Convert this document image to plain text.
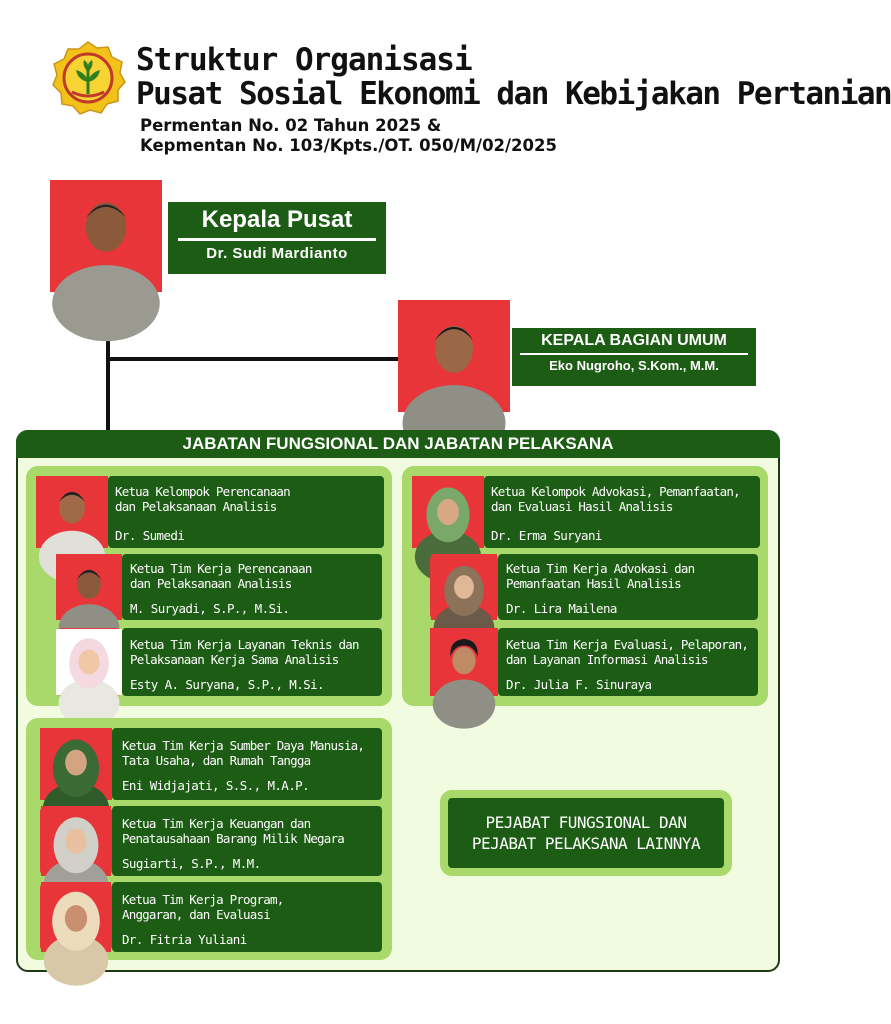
Struktur Organisasi
Pusat Sosial Ekonomi dan Kebijakan Pertanian
Permentan No. 02 Tahun 2025 &
Kepmentan No. 103/Kpts./OT. 050/M/02/2025
Kepala Pusat
Dr. Sudi Mardianto
KEPALA BAGIAN UMUM
Eko Nugroho, S.Kom., M.M.
JABATAN FUNGSIONAL DAN JABATAN PELAKSANA
Ketua Kelompok Perencanaan
dan Pelaksanaan Analisis
Dr. Sumedi
Ketua Tim Kerja Perencanaan
dan Pelaksanaan Analisis
M. Suryadi, S.P., M.Si.
Ketua Tim Kerja Layanan Teknis dan
Pelaksanaan Kerja Sama Analisis
Esty A. Suryana, S.P., M.Si.
Ketua Kelompok Advokasi, Pemanfaatan,
dan Evaluasi Hasil Analisis
Dr. Erma Suryani
Ketua Tim Kerja Advokasi dan
Pemanfaatan Hasil Analisis
Dr. Lira Mailena
Ketua Tim Kerja Evaluasi, Pelaporan,
dan Layanan Informasi Analisis
Dr. Julia F. Sinuraya
Ketua Tim Kerja Sumber Daya Manusia,
Tata Usaha, dan Rumah Tangga
Eni Widjajati, S.S., M.A.P.
Ketua Tim Kerja Keuangan dan
Penatausahaan Barang Milik Negara
Sugiarti, S.P., M.M.
Ketua Tim Kerja Program,
Anggaran, dan Evaluasi
Dr. Fitria Yuliani
PEJABAT FUNGSIONAL DAN
PEJABAT PELAKSANA LAINNYA
